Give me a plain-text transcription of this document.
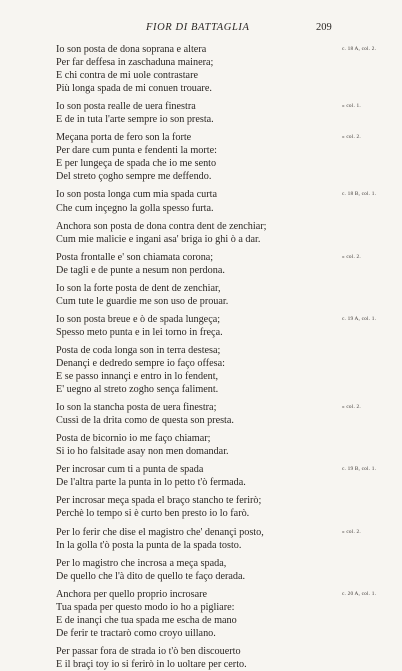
FIOR DI BATTAGLIA	209
Io son posta de dona soprana e altera	c. 18 A, col. 2.
Per far deffesa in zaschaduna mainera;
E chi contra de mi uole contrastare
Più longa spada de mi conuen trouare.
Io son posta realle de uera finestra	» col. 1.
E de in tuta l'arte sempre io son presta.
Meçana porta de fero son la forte	» col. 2.
Per dare cum punta e fendenti la morte:
E per lungeça de spada che io me sento
Del streto çogho sempre me deffendo.
Io son posta longa cum mia spada curta	c. 18 B, col. 1.
Che cum inçegno la golla spesso furta.
Anchora son posta de dona contra dent de zenchiar;
Cum mie malicie e ingani asa' briga io ghi ò a dar.
Posta frontalle e' son chiamata corona;	» col. 2.
De tagli e de punte a nesum non perdona.
Io son la forte posta de dent de zenchiar,
Cum tute le guardie me son uso de prouar.
Io son posta breue e ò de spada lungeça;	c. 19 A, col. 1.
Spesso meto punta e in lei torno in freça.
Posta de coda longa son in terra destesa;
Denançi e dedredo sempre io faço offesa:
E se passo innançi e entro in lo fendent,
E' uegno al streto zogho sença faliment.
Io son la stancha posta de uera finestra;	» col. 2.
Cussì de la drita como de questa son presta.
Posta de bicornio io me faço chiamar;
Si io ho falsitade asay non men domandar.
Per incrosar cum ti a punta de spada	c. 19 B, col. 1.
De l'altra parte la punta in lo petto t'ò fermada.
Per incrosar meça spada el braço stancho te ferirò;
Perchè lo tempo si è curto ben presto io lo farò.
Per lo ferir che dise el magistro che' denançi posto,	» col. 2.
In la golla t'ò posta la punta de la spada tosto.
Per lo magistro che incrosa a meça spada,
De quello che l'à dito de quello te faço derada.
Anchora per quello proprio incrosare	c. 20 A, col. 1.
Tua spada per questo modo io ho a pigliare:
E de inançi che tua spada me escha de mano
De ferir te tractarò como croyo uillano.
Per passar fora de strada io t'ò ben discouerto
E il braçi toy io si ferirò in lo uoltare per certo.
